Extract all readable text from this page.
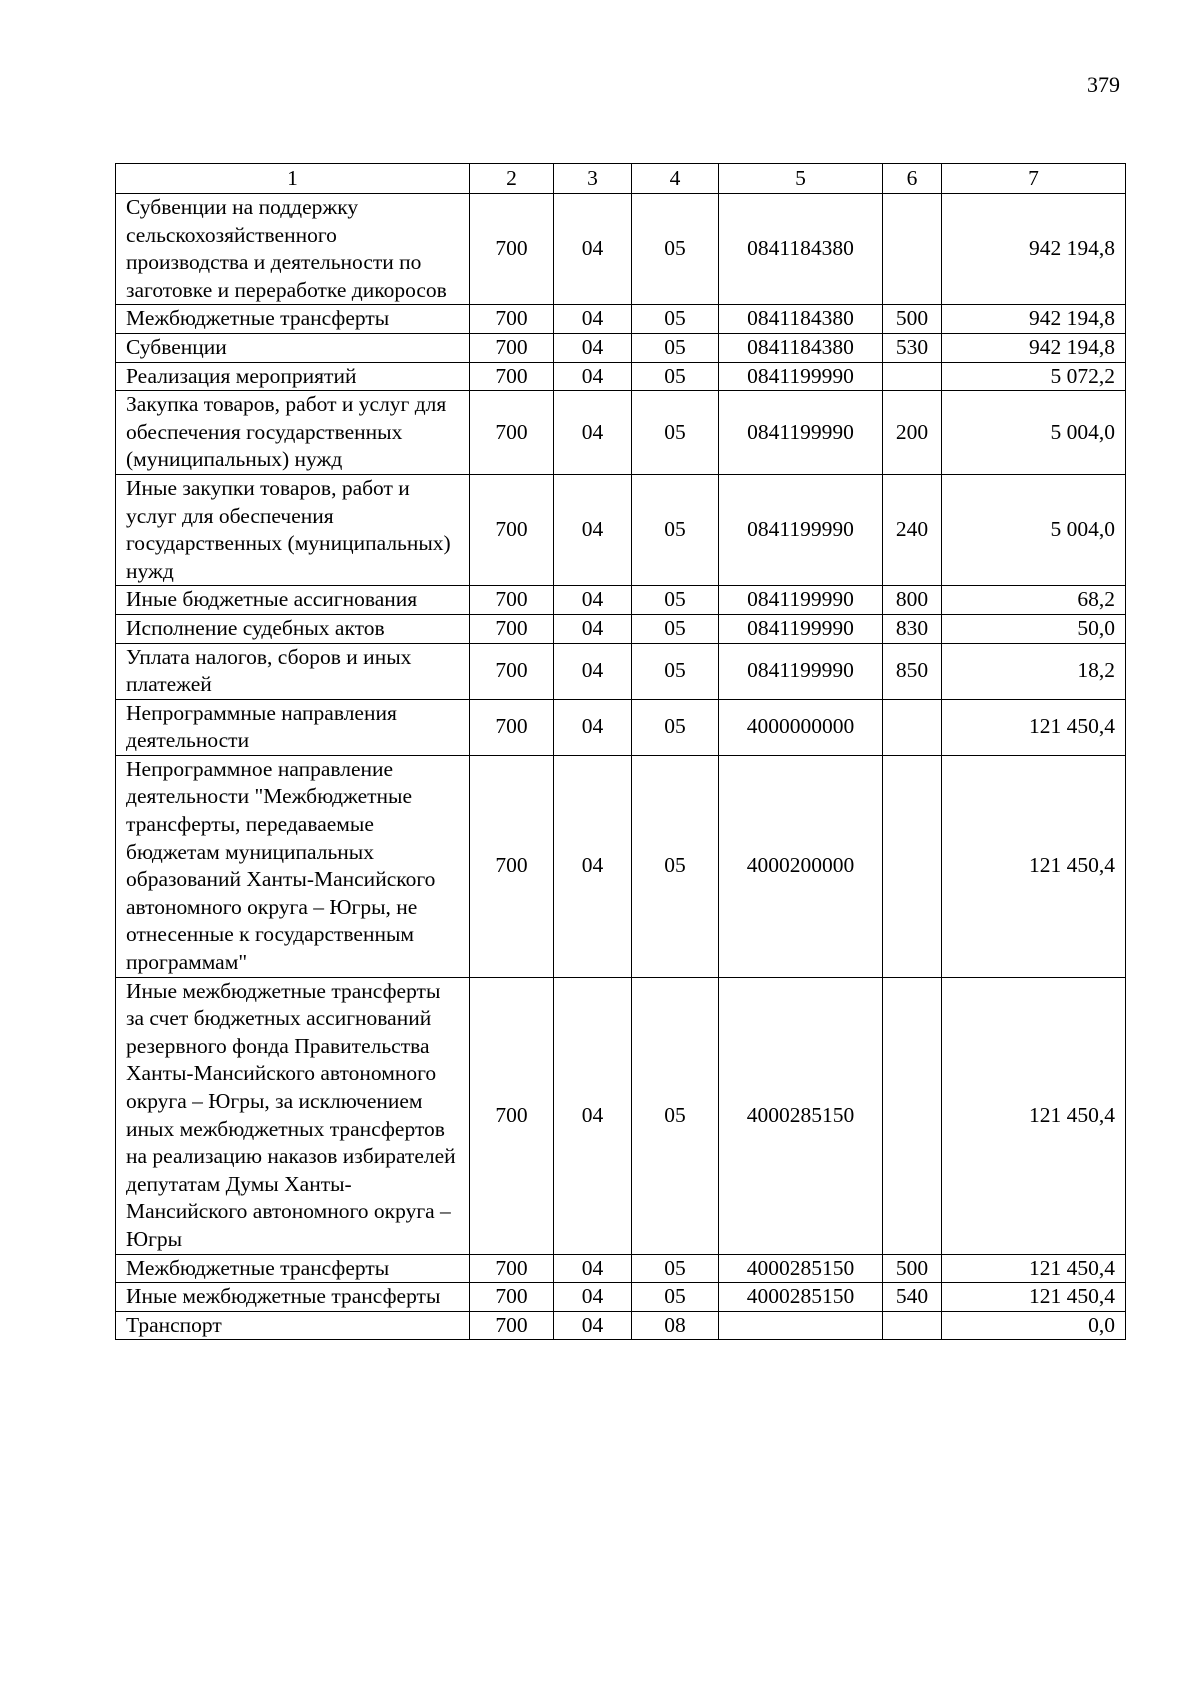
379
1	2	3	4	5	6	7
Субвенции на поддержку сельскохозяйственного производства и деятельности по заготовке и переработке дикоросов	700	04	05	0841184380		942 194,8
Межбюджетные трансферты	700	04	05	0841184380	500	942 194,8
Субвенции	700	04	05	0841184380	530	942 194,8
Реализация мероприятий	700	04	05	0841199990		5 072,2
Закупка товаров, работ и услуг для обеспечения государственных (муниципальных) нужд	700	04	05	0841199990	200	5 004,0
Иные закупки товаров, работ и услуг для обеспечения государственных (муниципальных) нужд	700	04	05	0841199990	240	5 004,0
Иные бюджетные ассигнования	700	04	05	0841199990	800	68,2
Исполнение судебных актов	700	04	05	0841199990	830	50,0
Уплата налогов, сборов и иных платежей	700	04	05	0841199990	850	18,2
Непрограммные направления деятельности	700	04	05	4000000000		121 450,4
Непрограммное направление деятельности "Межбюджетные трансферты, передаваемые бюджетам муниципальных образований Ханты-Мансийского автономного округа – Югры, не отнесенные к государственным программам"	700	04	05	4000200000		121 450,4
Иные межбюджетные трансферты за счет бюджетных ассигнований резервного фонда Правительства Ханты-Мансийского автономного округа – Югры, за исключением иных межбюджетных трансфертов на реализацию наказов избирателей депутатам Думы Ханты-Мансийского автономного округа – Югры	700	04	05	4000285150		121 450,4
Межбюджетные трансферты	700	04	05	4000285150	500	121 450,4
Иные межбюджетные трансферты	700	04	05	4000285150	540	121 450,4
Транспорт	700	04	08			0,0
